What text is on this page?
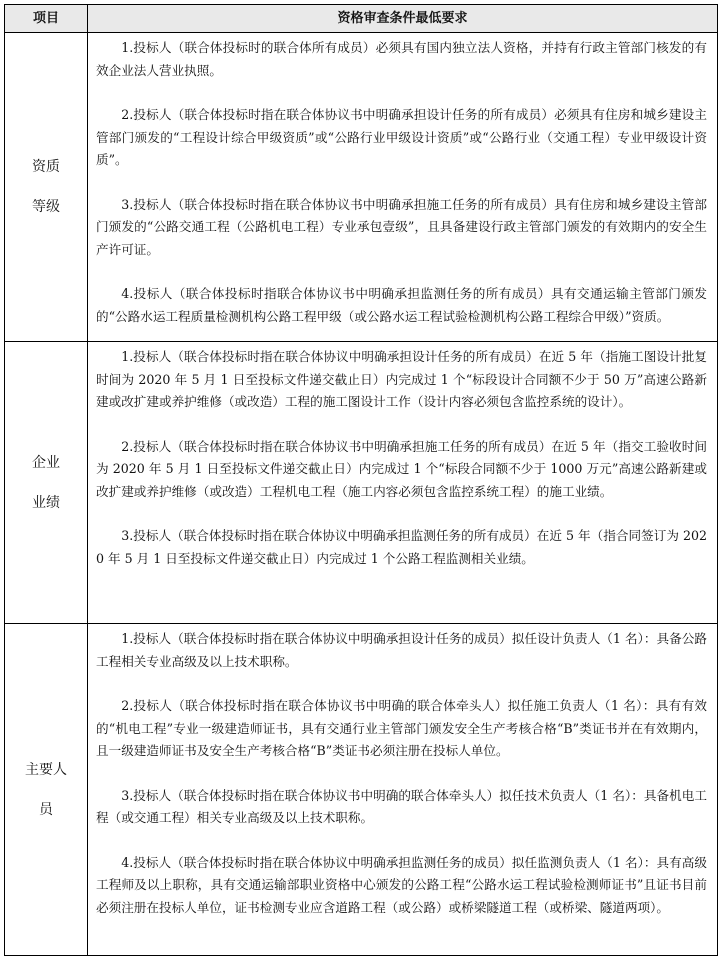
项目	资格审查条件最低要求
资质
等级

1.投标人（联合体投标时的联合体所有成员）必须具有国内独立法人资格，并持有行政主管部门核发的有效企业法人营业执照。

2.投标人（联合体投标时指在联合体协议书中明确承担设计任务的所有成员）必须具有住房和城乡建设主管部门颁发的“工程设计综合甲级资质”或“公路行业甲级设计资质”或“公路行业（交通工程）专业甲级设计资质”。

3.投标人（联合体投标时指在联合体协议书中明确承担施工任务的所有成员）具有住房和城乡建设主管部门颁发的“公路交通工程（公路机电工程）专业承包壹级”，且具备建设行政主管部门颁发的有效期内的安全生产许可证。

4.投标人（联合体投标时指联合体协议书中明确承担监测任务的所有成员）具有交通运输主管部门颁发的“公路水运工程质量检测机构公路工程甲级（或公路水运工程试验检测机构公路工程综合甲级）”资质。

企业
业绩

1.投标人（联合体投标时指在联合体协议中明确承担设计任务的所有成员）在近 5 年（指施工图设计批复时间为 2020 年 5 月 1 日至投标文件递交截止日）内完成过 1 个“标段设计合同额不少于 50 万”高速公路新建或改扩建或养护维修（或改造）工程的施工图设计工作（设计内容必须包含监控系统的设计）。

2.投标人（联合体投标时指在联合体协议书中明确承担施工任务的所有成员）在近 5 年（指交工验收时间为 2020 年 5 月 1 日至投标文件递交截止日）内完成过 1 个“标段合同额不少于 1000 万元”高速公路新建或改扩建或养护维修（或改造）工程机电工程（施工内容必须包含监控系统工程）的施工业绩。

3.投标人（联合体投标时指在联合体协议中明确承担监测任务的所有成员）在近 5 年（指合同签订为 2020 年 5 月 1 日至投标文件递交截止日）内完成过 1 个公路工程监测相关业绩。

主要人
员

1.投标人（联合体投标时指在联合体协议中明确承担设计任务的成员）拟任设计负责人（1 名）：具备公路工程相关专业高级及以上技术职称。

2.投标人（联合体投标时指在联合体协议书中明确的联合体牵头人）拟任施工负责人（1 名）：具有有效的“机电工程”专业一级建造师证书，具有交通行业主管部门颁发安全生产考核合格“B”类证书并在有效期内，且一级建造师证书及安全生产考核合格“B”类证书必须注册在投标人单位。

3.投标人（联合体投标时指在联合体协议书中明确的联合体牵头人）拟任技术负责人（1 名）：具备机电工程（或交通工程）相关专业高级及以上技术职称。

4.投标人（联合体投标时指在联合体协议中明确承担监测任务的成员）拟任监测负责人（1 名）：具有高级工程师及以上职称，具有交通运输部职业资格中心颁发的公路工程“公路水运工程试验检测师证书”且证书目前必须注册在投标人单位，证书检测专业应含道路工程（或公路）或桥梁隧道工程（或桥梁、隧道两项）。
